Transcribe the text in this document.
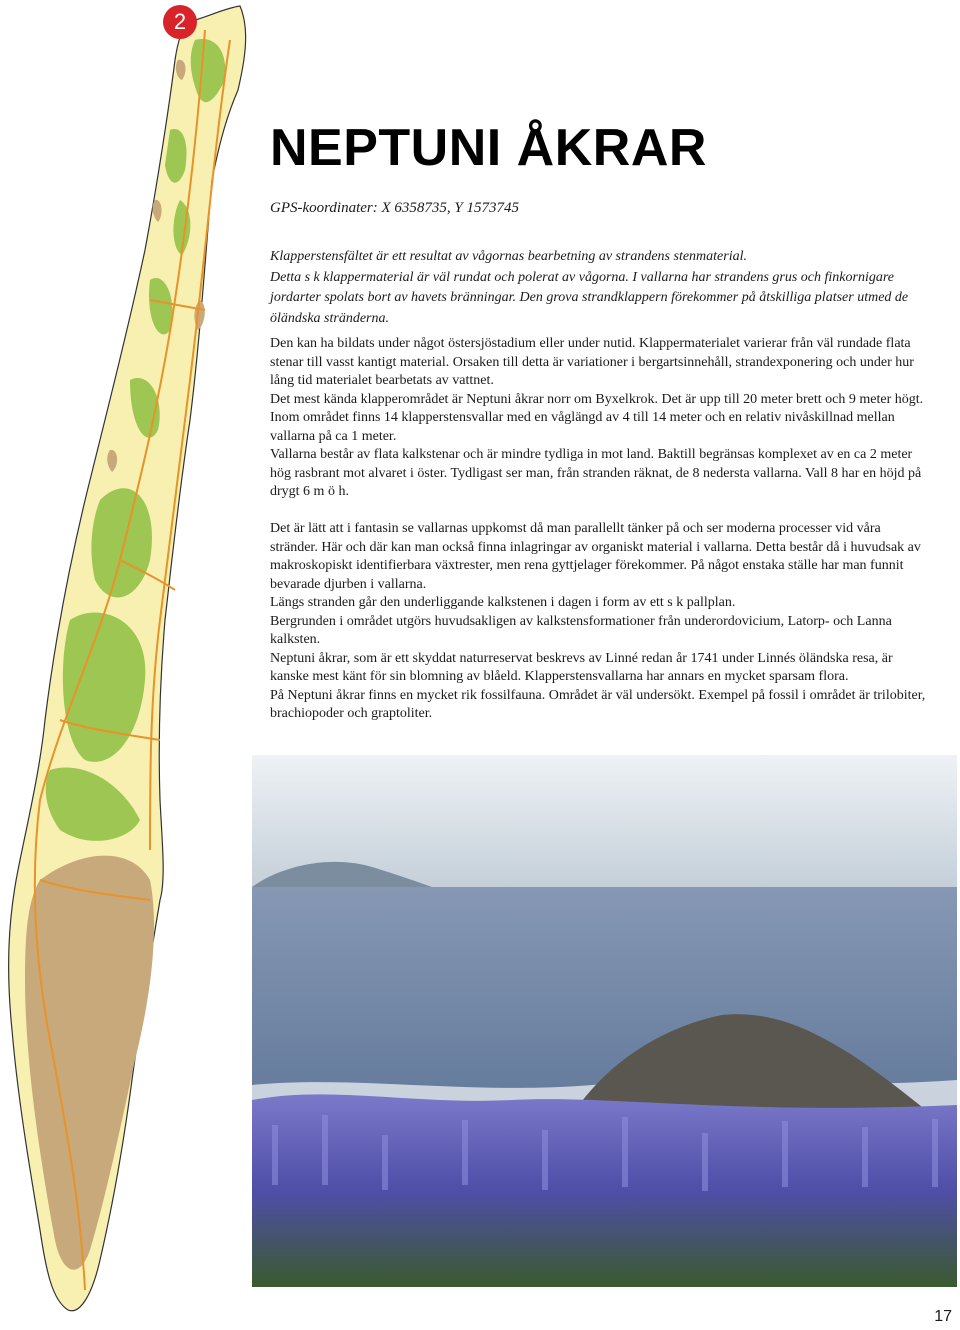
2
NEPTUNI ÅKRAR
GPS-koordinater: X 6358735, Y 1573745
Klapperstensfältet är ett resultat av vågornas bearbetning av strandens stenmaterial.
Detta s k klappermaterial är väl rundat och polerat av vågorna. I vallarna har strandens grus och finkornigare jordarter spolats bort av havets bränningar. Den grova strandklappern förekommer på åtskilliga platser utmed de öländska stränderna.

Den kan ha bildats under något östersjöstadium eller under nutid. Klappermaterialet varierar från väl rundade flata stenar till vasst kantigt material. Orsaken till detta är variationer i bergartsinnehåll, strandexponering och under hur lång tid materialet bearbetats av vattnet.

Det mest kända klapperområdet är Neptuni åkrar norr om Byxelkrok. Det är upp till 20 meter brett och 9 meter högt. Inom området finns 14 klapperstensvallar med en våglängd av 4 till 14 meter och en relativ nivåskillnad mellan vallarna på ca 1 meter.

Vallarna består av flata kalkstenar och är mindre tydliga in mot land. Baktill begränsas komplexet av en ca 2 meter hög rasbrant mot alvaret i öster. Tydligast ser man, från stranden räknat, de 8 nedersta vallarna. Vall 8 har en höjd på drygt 6 m ö h.

Det är lätt att i fantasin se vallarnas uppkomst då man parallellt tänker på och ser moderna processer vid våra stränder. Här och där kan man också finna inlagringar av organiskt material i vallarna. Detta består då i huvudsak av makroskopiskt identifierbara växtrester, men rena gyttjelager förekommer. På något enstaka ställe har man funnit bevarade djurben i vallarna.

Längs stranden går den underliggande kalkstenen i dagen i form av ett s k pallplan.

Bergrunden i området utgörs huvudsakligen av kalkstensformationer från underordovicium, Latorp- och Lanna kalksten.

Neptuni åkrar, som är ett skyddat naturreservat beskrevs av Linné redan år 1741 under Linnés öländska resa, är kanske mest känt för sin blomning av blåeld. Klapperstensvallarna har annars en mycket sparsam flora.

På Neptuni åkrar finns en mycket rik fossilfauna. Området är väl undersökt. Exempel på fossil i området är trilobiter, brachiopoder och graptoliter.

17
